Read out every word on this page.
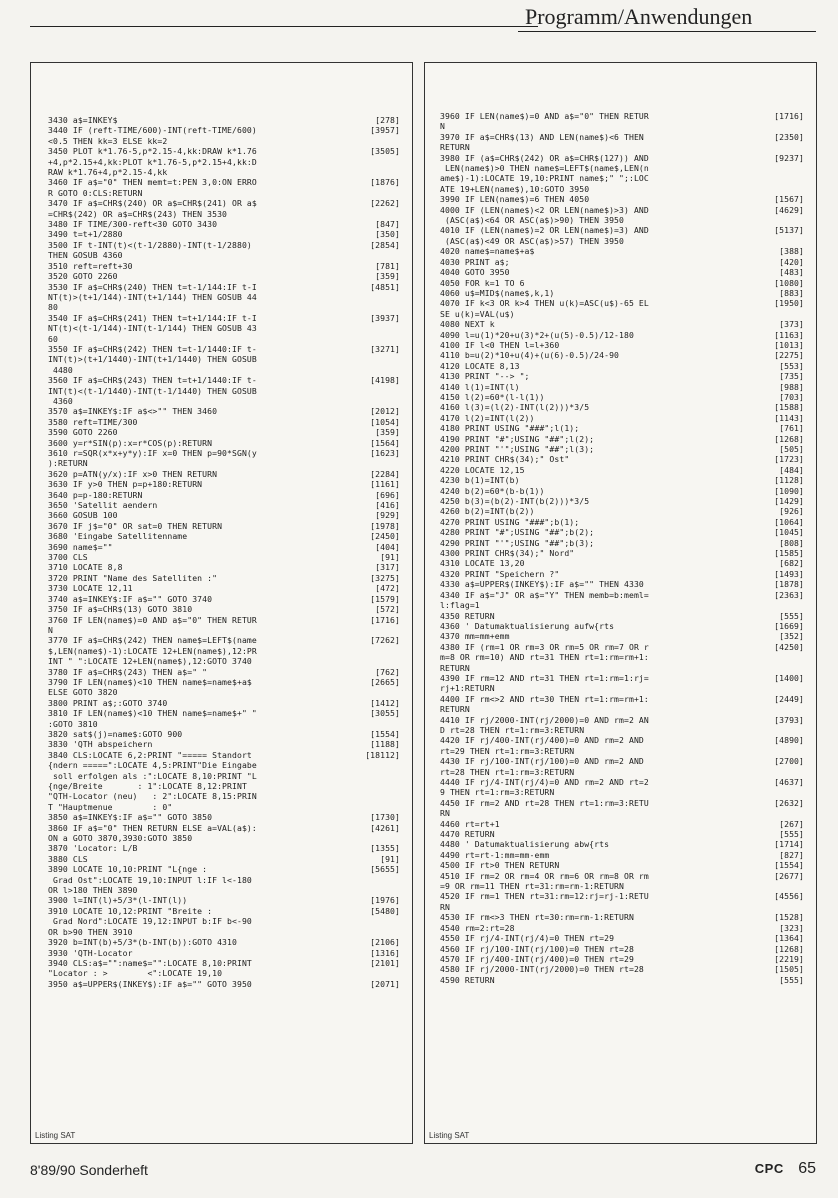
Programm/Anwendungen
3430 a$=INKEY$	[278]
3440 IF (reft-TIME/600)-INT(reft-TIME/600)	[3957]
<0.5 THEN kk=3 ELSE kk=2
3450 PLOT k*1.76-5,p*2.15-4,kk:DRAW k*1.76	[3505]
+4,p*2.15+4,kk:PLOT k*1.76-5,p*2.15+4,kk:D
RAW k*1.76+4,p*2.15-4,kk
3460 IF a$="0" THEN memt=t:PEN 3,0:ON ERRO	[1876]
R GOTO 0:CLS:RETURN
3470 IF a$=CHR$(240) OR a$=CHR$(241) OR a$	[2262]
=CHR$(242) OR a$=CHR$(243) THEN 3530
3480 IF TIME/300-reft<30 GOTO 3430	[847]
3490 t=t+1/2880	[350]
3500 IF t-INT(t)<(t-1/2880)-INT(t-1/2880)	[2854]
THEN GOSUB 4360
3510 reft=reft+30	[781]
3520 GOTO 2260	[359]
3530 IF a$=CHR$(240) THEN t=t-1/144:IF t-I	[4851]
NT(t)>(t+1/144)-INT(t+1/144) THEN GOSUB 44
80
3540 IF a$=CHR$(241) THEN t=t+1/144:IF t-I	[3937]
NT(t)<(t-1/144)-INT(t-1/144) THEN GOSUB 43
60
3550 IF a$=CHR$(242) THEN t=t-1/1440:IF t-	[3271]
INT(t)>(t+1/1440)-INT(t+1/1440) THEN GOSUB
4480
3560 IF a$=CHR$(243) THEN t=t+1/1440:IF t-	[4198]
INT(t)<(t-1/1440)-INT(t-1/1440) THEN GOSUB
4360
3570 a$=INKEY$:IF a$<>"" THEN 3460	[2012]
3580 reft=TIME/300	[1054]
3590 GOTO 2260	[359]
3600 y=r*SIN(p):x=r*COS(p):RETURN	[1564]
3610 r=SQR(x*x+y*y):IF x=0 THEN p=90*SGN(y	[1623]
):RETURN
3620 p=ATN(y/x):IF x>0 THEN RETURN	[2284]
3630 IF y>0 THEN p=p+180:RETURN	[1161]
3640 p=p-180:RETURN	[696]
3650 'Satellit aendern	[416]
3660 GOSUB 100	[929]
3670 IF j$="0" OR sat=0 THEN RETURN	[1978]
3680 'Eingabe Satellitenname	[2450]
3690 name$=""	[404]
3700 CLS	[91]
3710 LOCATE 8,8	[317]
3720 PRINT "Name des Satelliten :"	[3275]
3730 LOCATE 12,11	[472]
3740 a$=INKEY$:IF a$="" GOTO 3740	[1579]
3750 IF a$=CHR$(13) GOTO 3810	[572]
3760 IF LEN(name$)=0 AND a$="0" THEN RETUR	[1716]
N
3770 IF a$=CHR$(242) THEN name$=LEFT$(name	[7262]
$,LEN(name$)-1):LOCATE 12+LEN(name$),12:PR
INT " ":LOCATE 12+LEN(name$),12:GOTO 3740
3780 IF a$=CHR$(243) THEN a$=" "	[762]
3790 IF LEN(name$)<10 THEN name$=name$+a$	[2665]
ELSE GOTO 3820
3800 PRINT a$;:GOTO 3740	[1412]
3810 IF LEN(name$)<10 THEN name$=name$+" "	[3055]
:GOTO 3810
3820 sat$(j)=name$:GOTO 900	[1554]
3830 'QTH abspeichern	[1188]
3840 CLS:LOCATE 6,2:PRINT "===== Standort	[18112]
{ndern =====":LOCATE 4,5:PRINT"Die Eingabe
soll erfolgen als :":LOCATE 8,10:PRINT "L
{nge/Breite       : 1":LOCATE 8,12:PRINT
"QTH-Locator (neu)   : 2":LOCATE 8,15:PRIN
T "Hauptmenue        : 0"
3850 a$=INKEY$:IF a$="" GOTO 3850	[1730]
3860 IF a$="0" THEN RETURN ELSE a=VAL(a$):	[4261]
ON a GOTO 3870,3930:GOTO 3850
3870 'Locator: L/B	[1355]
3880 CLS	[91]
3890 LOCATE 10,10:PRINT "L{nge :	[5655]
Grad Ost":LOCATE 19,10:INPUT l:IF l<-180
OR l>180 THEN 3890
3900 l=INT(l)+5/3*(l-INT(l))	[1976]
3910 LOCATE 10,12:PRINT "Breite :	[5480]
Grad Nord":LOCATE 19,12:INPUT b:IF b<-90
OR b>90 THEN 3910
3920 b=INT(b)+5/3*(b-INT(b)):GOTO 4310	[2106]
3930 'QTH-Locator	[1316]
3940 CLS:a$="":name$="":LOCATE 8,10:PRINT	[2101]
"Locator : >        <":LOCATE 19,10
3950 a$=UPPER$(INKEY$):IF a$="" GOTO 3950	[2071]
Listing SAT
3960 IF LEN(name$)=0 AND a$="0" THEN RETUR	[1716]
N
3970 IF a$=CHR$(13) AND LEN(name$)<6 THEN	[2350]
RETURN
3980 IF (a$=CHR$(242) OR a$=CHR$(127)) AND	[9237]
LEN(name$)>0 THEN name$=LEFT$(name$,LEN(n
ame$)-1):LOCATE 19,10:PRINT name$;" ";:LOC
ATE 19+LEN(name$),10:GOTO 3950
3990 IF LEN(name$)=6 THEN 4050	[1567]
4000 IF (LEN(name$)<2 OR LEN(name$)>3) AND	[4629]
(ASC(a$)<64 OR ASC(a$)>90) THEN 3950
4010 IF (LEN(name$)=2 OR LEN(name$)=3) AND	[5137]
(ASC(a$)<49 OR ASC(a$)>57) THEN 3950
4020 name$=name$+a$	[388]
4030 PRINT a$;	[420]
4040 GOTO 3950	[483]
4050 FOR k=1 TO 6	[1080]
4060 u$=MID$(name$,k,1)	[883]
4070 IF k<3 OR k>4 THEN u(k)=ASC(u$)-65 EL	[1950]
SE u(k)=VAL(u$)
4080 NEXT k	[373]
4090 l=u(1)*20+u(3)*2+(u(5)-0.5)/12-180	[1163]
4100 IF l<0 THEN l=l+360	[1013]
4110 b=u(2)*10+u(4)+(u(6)-0.5)/24-90	[2275]
4120 LOCATE 8,13	[553]
4130 PRINT "--> ";	[735]
4140 l(1)=INT(l)	[988]
4150 l(2)=60*(l-l(1))	[703]
4160 l(3)=(l(2)-INT(l(2)))*3/5	[1588]
4170 l(2)=INT(l(2))	[1143]
4180 PRINT USING "###";l(1);	[761]
4190 PRINT "#";USING "##";l(2);	[1268]
4200 PRINT "'";USING "##";l(3);	[505]
4210 PRINT CHR$(34);" Ost"	[1723]
4220 LOCATE 12,15	[484]
4230 b(1)=INT(b)	[1128]
4240 b(2)=60*(b-b(1))	[1090]
4250 b(3)=(b(2)-INT(b(2)))*3/5	[1429]
4260 b(2)=INT(b(2))	[926]
4270 PRINT USING "###";b(1);	[1064]
4280 PRINT "#";USING "##";b(2);	[1045]
4290 PRINT "'";USING "##";b(3);	[808]
4300 PRINT CHR$(34);" Nord"	[1585]
4310 LOCATE 13,20	[682]
4320 PRINT "Speichern ?"	[1493]
4330 a$=UPPER$(INKEY$):IF a$="" THEN 4330	[1878]
4340 IF a$="J" OR a$="Y" THEN memb=b:meml=	[2363]
l:flag=1
4350 RETURN	[555]
4360 ' Datumaktualisierung aufw{rts	[1669]
4370 mm=mm+emm	[352]
4380 IF (rm=1 OR rm=3 OR rm=5 OR rm=7 OR r	[4250]
m=8 OR rm=10) AND rt=31 THEN rt=1:rm=rm+1:
RETURN
4390 IF rm=12 AND rt=31 THEN rt=1:rm=1:rj=	[1400]
rj+1:RETURN
4400 IF rm<>2 AND rt=30 THEN rt=1:rm=rm+1:	[2449]
RETURN
4410 IF rj/2000-INT(rj/2000)=0 AND rm=2 AN	[3793]
D rt=28 THEN rt=1:rm=3:RETURN
4420 IF rj/400-INT(rj/400)=0 AND rm=2 AND	[4890]
rt=29 THEN rt=1:rm=3:RETURN
4430 IF rj/100-INT(rj/100)=0 AND rm=2 AND	[2700]
rt=28 THEN rt=1:rm=3:RETURN
4440 IF rj/4-INT(rj/4)=0 AND rm=2 AND rt=2	[4637]
9 THEN rt=1:rm=3:RETURN
4450 IF rm=2 AND rt=28 THEN rt=1:rm=3:RETU	[2632]
RN
4460 rt=rt+1	[267]
4470 RETURN	[555]
4480 ' Datumaktualisierung abw{rts	[1714]
4490 rt=rt-1:mm=mm-emm	[827]
4500 IF rt>0 THEN RETURN	[1554]
4510 IF rm=2 OR rm=4 OR rm=6 OR rm=8 OR rm	[2677]
=9 OR rm=11 THEN rt=31:rm=rm-1:RETURN
4520 IF rm=1 THEN rt=31:rm=12:rj=rj-1:RETU	[4556]
RN
4530 IF rm<>3 THEN rt=30:rm=rm-1:RETURN	[1528]
4540 rm=2:rt=28	[323]
4550 IF rj/4-INT(rj/4)=0 THEN rt=29	[1364]
4560 IF rj/100-INT(rj/100)=0 THEN rt=28	[1268]
4570 IF rj/400-INT(rj/400)=0 THEN rt=29	[2219]
4580 IF rj/2000-INT(rj/2000)=0 THEN rt=28	[1505]
4590 RETURN	[555]
Listing SAT
8'89/90 Sonderheft	CPC 65
